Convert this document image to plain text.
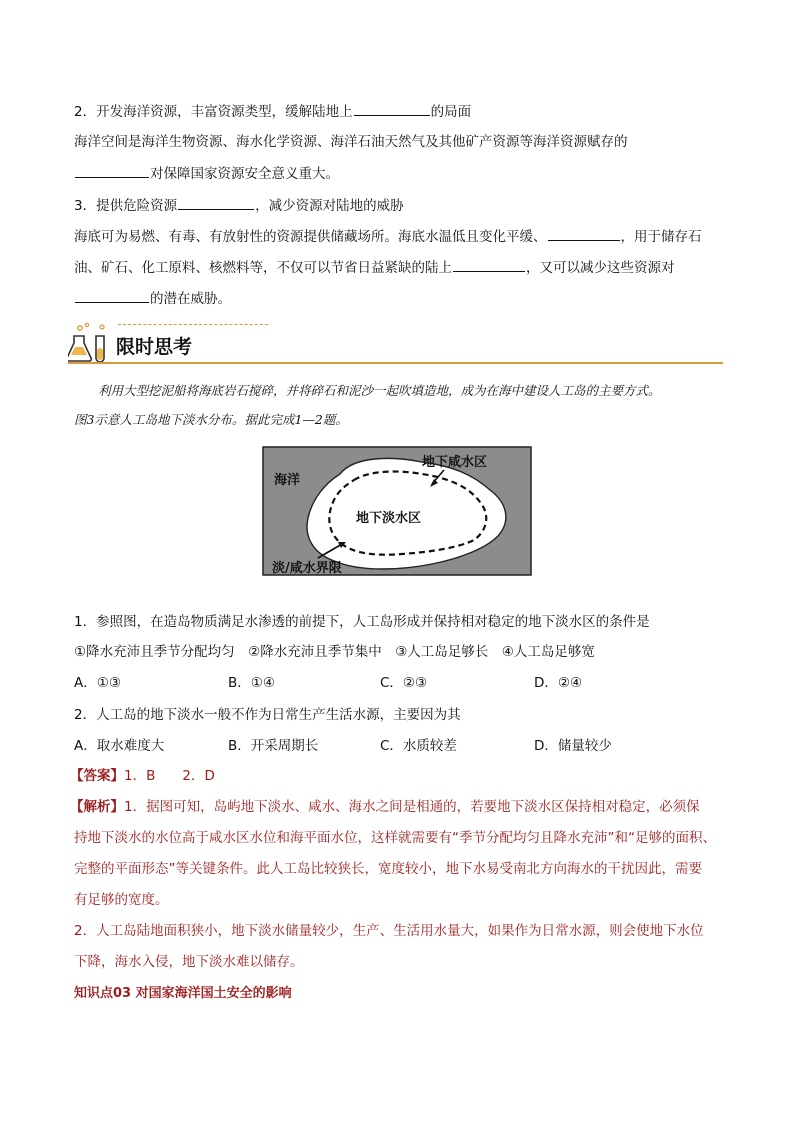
2．开发海洋资源，丰富资源类型，缓解陆地上	的局面
海洋空间是海洋生物资源、海水化学资源、海洋石油天然气及其他矿产资源等海洋资源赋存的
对保障国家资源安全意义重大。
3．提供危险资源	，减少资源对陆地的威胁
海底可为易燃、有毒、有放射性的资源提供储藏场所。海底水温低且变化平缓、	，用于储存石
油、矿石、化工原料、核燃料等，不仅可以节省日益紧缺的陆上	，又可以减少这些资源对
的潜在威胁。
限时思考
利用大型挖泥船将海底岩石搅碎，并将碎石和泥沙一起吹填造地，成为在海中建设人工岛的主要方式。
图3示意人工岛地下淡水分布。据此完成1—2题。
海洋
地下咸水区
地下淡水区
淡/咸水界限
1．参照图，在造岛物质满足水渗透的前提下，人工岛形成并保持相对稳定的地下淡水区的条件是
①降水充沛且季节分配均匀　②降水充沛且季节集中　③人工岛足够长　④人工岛足够宽
A．①③	B．①④	C．②③	D．②④
2．人工岛的地下淡水一般不作为日常生产生活水源，主要因为其
A．取水难度大	B．开采周期长	C．水质较差	D．储量较少
【答案】1．B　　2．D
【解析】1．据图可知，岛屿地下淡水、咸水、海水之间是相通的，若要地下淡水区保持相对稳定，必须保
持地下淡水的水位高于咸水区水位和海平面水位，这样就需要有“季节分配均匀且降水充沛”和“足够的面积、
完整的平面形态”等关键条件。此人工岛比较狭长，宽度较小，地下水易受南北方向海水的干扰因此，需要
有足够的宽度。
2．人工岛陆地面积狭小，地下淡水储量较少，生产、生活用水量大，如果作为日常水源，则会使地下水位
下降，海水入侵，地下淡水难以储存。
知识点03 对国家海洋国土安全的影响
